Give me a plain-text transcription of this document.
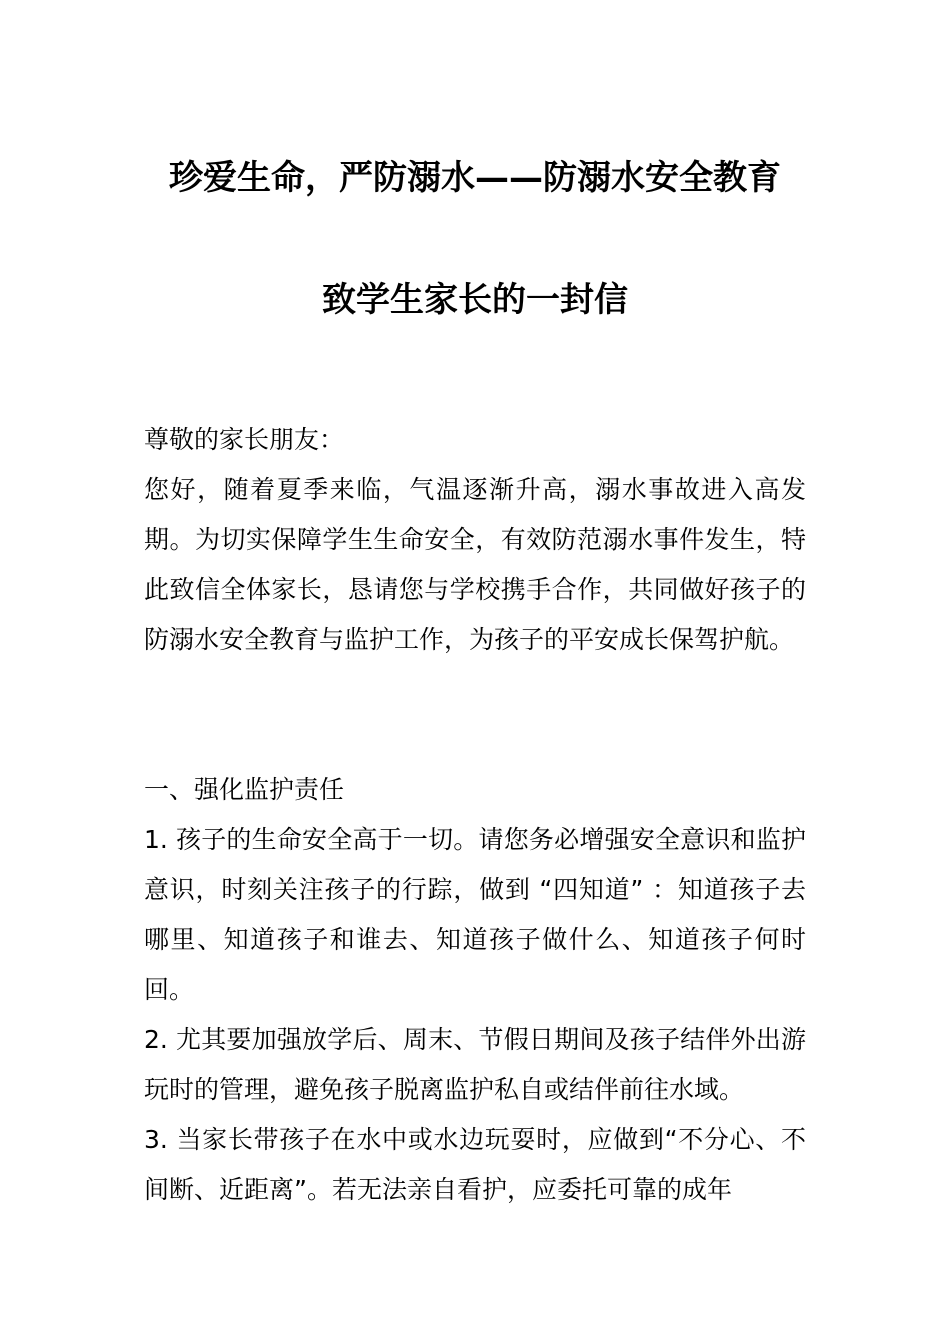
珍爱生命，严防溺水——防溺水安全教育
致学生家长的一封信

尊敬的家长朋友：

您好，随着夏季来临，气温逐渐升高，溺水事故进入高发期。为切实保障学生生命安全，有效防范溺水事件发生，特此致信全体家长，恳请您与学校携手合作，共同做好孩子的防溺水安全教育与监护工作，为孩子的平安成长保驾护航。

一、强化监护责任

1. 孩子的生命安全高于一切。请您务必增强安全意识和监护意识，时刻关注孩子的行踪，做到 “四知道” ：知道孩子去哪里、知道孩子和谁去、知道孩子做什么、知道孩子何时回。

2. 尤其要加强放学后、周末、节假日期间及孩子结伴外出游玩时的管理，避免孩子脱离监护私自或结伴前往水域。

3. 当家长带孩子在水中或水边玩耍时，应做到“不分心、不间断、近距离”。若无法亲自看护，应委托可靠的成年
